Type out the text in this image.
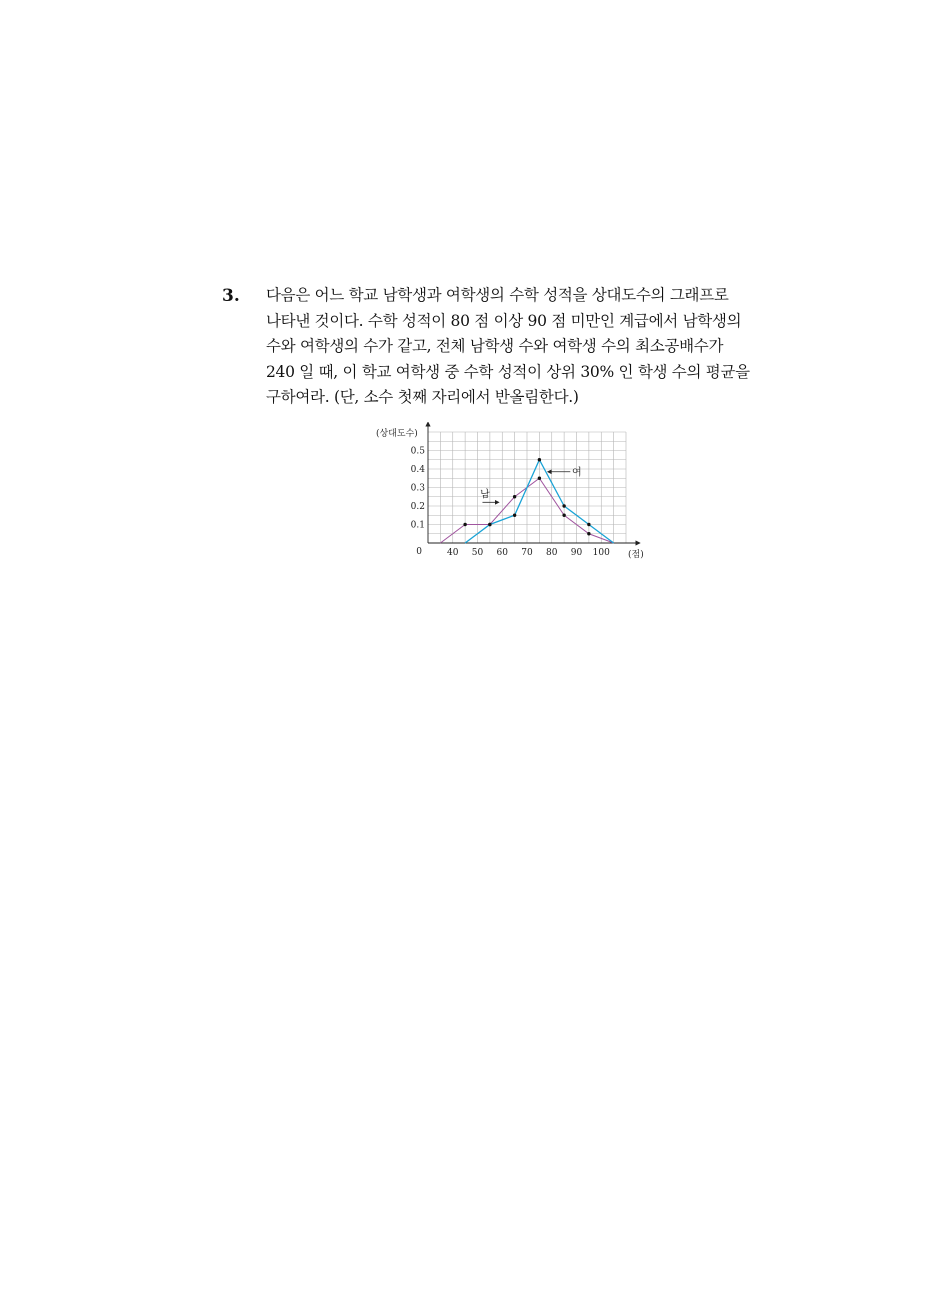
3. 다음은 어느 학교 남학생과 여학생의 수학 성적을 상대도수의 그래프로
나타낸 것이다. 수학 성적이 80 점 이상 90 점 미만인 계급에서 남학생의
수와 여학생의 수가 같고, 전체 남학생 수와 여학생 수의 최소공배수가
240 일 때, 이 학교 여학생 중 수학 성적이 상위 30% 인 학생 수의 평균을
구하여라. (단, 소수 첫째 자리에서 반올림한다.)
40 50 60 70 80 90 100
0.1
0.2
0.3
0.4
0.5
(상대도수)
(점)
0
남
여
